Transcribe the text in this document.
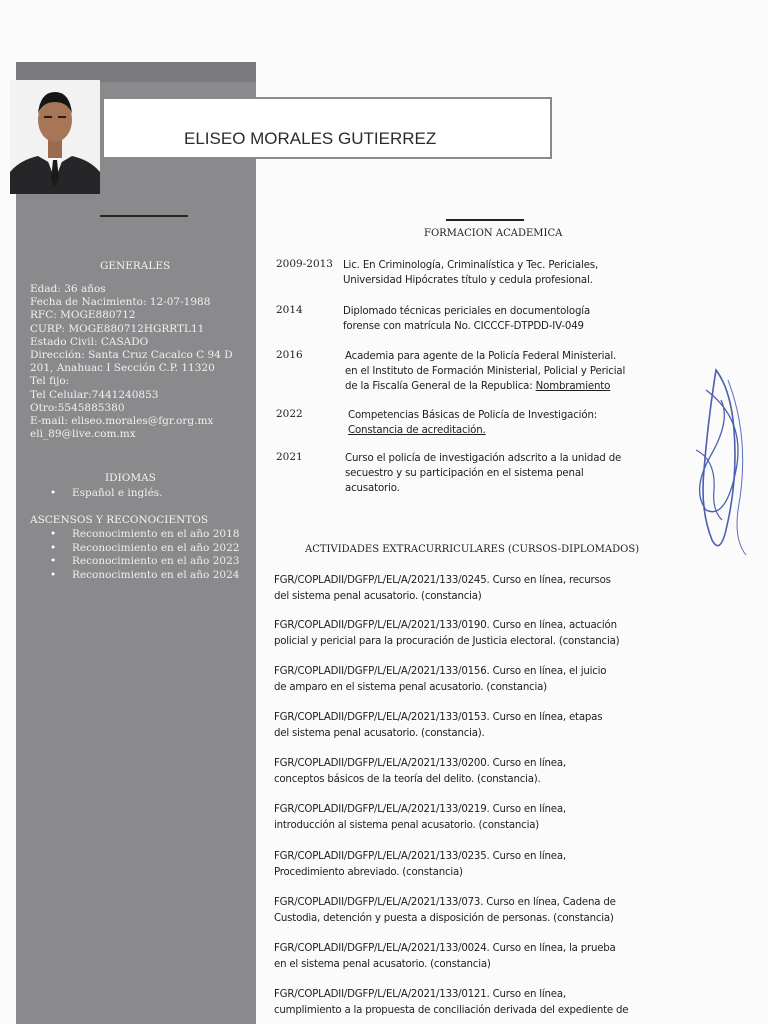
ELISEO MORALES GUTIERREZ
GENERALES
Edad: 36 años
Fecha de Nacimiento: 12-07-1988
RFC: MOGE880712
CURP: MOGE880712HGRRTL11
Estado Civil: CASADO
Dirección: Santa Cruz Cacalco C 94 D
201, Anahuac I Sección C.P. 11320
Tel fijo:
Tel Celular:7441240853
Otro:5545885380
E-mail: eliseo.morales@fgr.org.mx
eli_89@live.com.mx
IDIOMAS
• Español e inglés.
ASCENSOS Y RECONOCIENTOS
• Reconocimiento en el año 2018
• Reconocimiento en el año 2022
• Reconocimiento en el año 2023
• Reconocimiento en el año 2024
FORMACION ACADEMICA
2009-2013 Lic. En Criminología, Criminalística y Tec. Periciales,
Universidad Hipócrates título y cedula profesional.
2014	Diplomado técnicas periciales en documentología
forense con matrícula No. CICCCF-DTPDD-IV-049
2016	Academia para agente de la Policía Federal Ministerial.
en el Instituto de Formación Ministerial, Policial y Pericial
de la Fiscalía General de la Republica: Nombramiento
2022	Competencias Básicas de Policía de Investigación:
Constancia de acreditación.
2021	Curso el policía de investigación adscrito a la unidad de
secuestro y su participación en el sistema penal
acusatorio.
ACTIVIDADES EXTRACURRICULARES (CURSOS-DIPLOMADOS)
FGR/COPLADII/DGFP/L/EL/A/2021/133/0245. Curso en línea, recursos
del sistema penal acusatorio. (constancia)
FGR/COPLADII/DGFP/L/EL/A/2021/133/0190. Curso en línea, actuación
policial y pericial para la procuración de Justicia electoral. (constancia)
FGR/COPLADII/DGFP/L/EL/A/2021/133/0156. Curso en línea, el juicio
de amparo en el sistema penal acusatorio. (constancia)
FGR/COPLADII/DGFP/L/EL/A/2021/133/0153. Curso en línea, etapas
del sistema penal acusatorio. (constancia).
FGR/COPLADII/DGFP/L/EL/A/2021/133/0200. Curso en línea,
conceptos básicos de la teoría del delito. (constancia).
FGR/COPLADII/DGFP/L/EL/A/2021/133/0219. Curso en línea,
introducción al sistema penal acusatorio. (constancia)
FGR/COPLADII/DGFP/L/EL/A/2021/133/0235. Curso en línea,
Procedimiento abreviado. (constancia)
FGR/COPLADII/DGFP/L/EL/A/2021/133/073. Curso en línea, Cadena de
Custodia, detención y puesta a disposición de personas. (constancia)
FGR/COPLADII/DGFP/L/EL/A/2021/133/0024. Curso en línea, la prueba
en el sistema penal acusatorio. (constancia)
FGR/COPLADII/DGFP/L/EL/A/2021/133/0121. Curso en línea,
cumplimiento a la propuesta de conciliación derivada del expediente de
